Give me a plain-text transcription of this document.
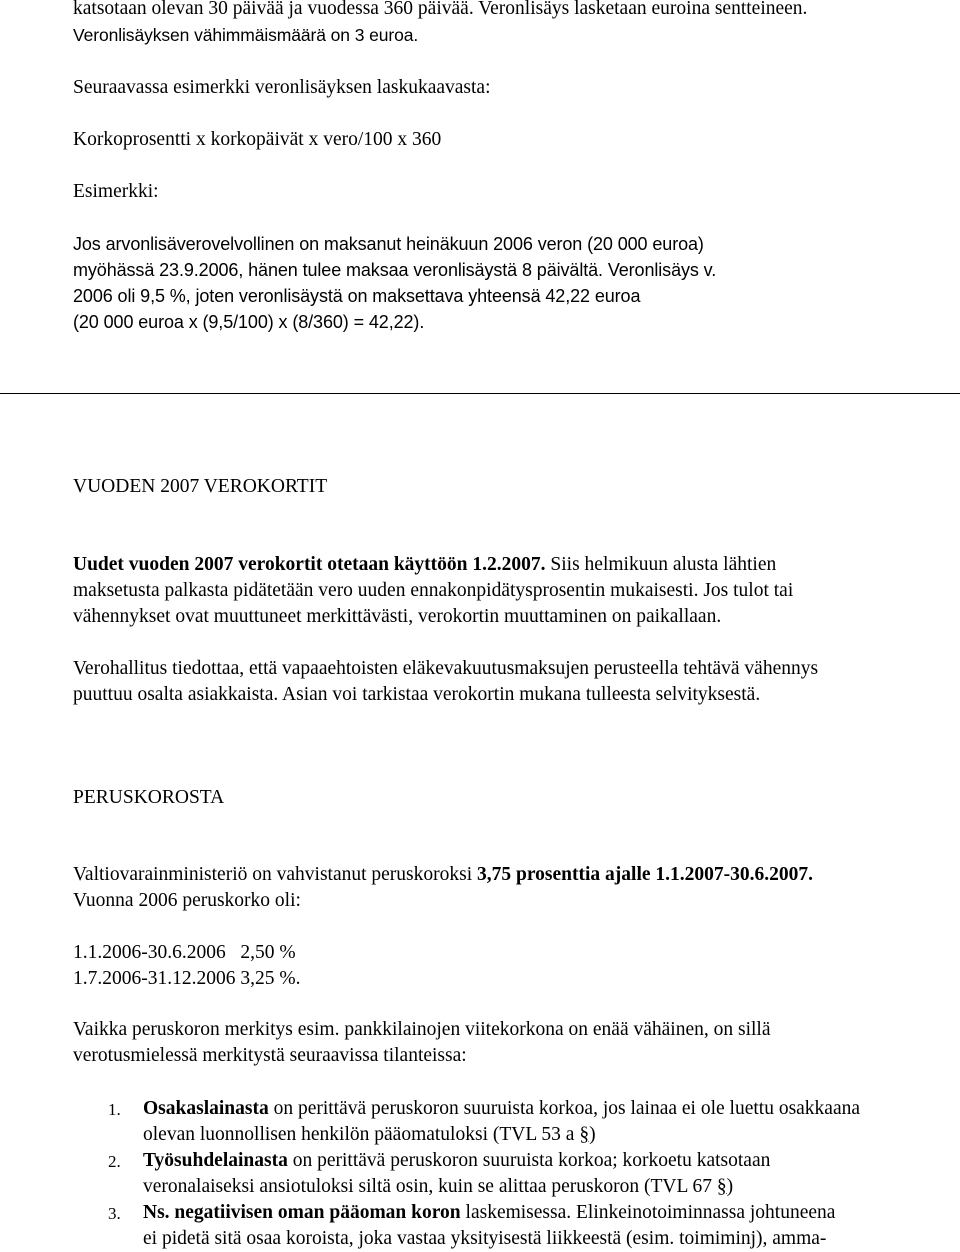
katsotaan olevan 30 päivää ja vuodessa 360 päivää. Veronlisäys lasketaan euroina sentteineen.
Veronlisäyksen vähimmäismäärä on 3 euroa.
Seuraavassa esimerkki veronlisäyksen laskukaavasta:
Korkoprosentti x korkopäivät x vero/100 x 360
Esimerkki:
Jos arvonlisäverovelvollinen on maksanut heinäkuun 2006 veron (20 000 euroa)
myöhässä 23.9.2006, hänen tulee maksaa veronlisäystä 8 päivältä. Veronlisäys v.
2006 oli 9,5 %, joten veronlisäystä on maksettava yhteensä 42,22 euroa
(20 000 euroa x (9,5/100) x (8/360) = 42,22).
VUODEN 2007 VEROKORTIT
Uudet vuoden 2007 verokortit otetaan käyttöön 1.2.2007. Siis helmikuun alusta lähtien
maksetusta palkasta pidätetään vero uuden ennakonpidätysprosentin mukaisesti. Jos tulot tai
vähennykset ovat muuttuneet merkittävästi, verokortin muuttaminen on paikallaan.
Verohallitus tiedottaa, että vapaaehtoisten eläkevakuutusmaksujen perusteella tehtävä vähennys
puuttuu osalta asiakkaista. Asian voi tarkistaa verokortin mukana tulleesta selvityksestä.
PERUSKOROSTA
Valtiovarainministeriö on vahvistanut peruskoroksi 3,75 prosenttia ajalle 1.1.2007-30.6.2007.
Vuonna 2006 peruskorko oli:
1.1.2006-30.6.2006   2,50 %
1.7.2006-31.12.2006 3,25 %.
Vaikka peruskoron merkitys esim. pankkilainojen viitekorkona on enää vähäinen, on sillä
verotusmielessä merkitystä seuraavissa tilanteissa:
1. Osakaslainasta on perittävä peruskoron suuruista korkoa, jos lainaa ei ole luettu osakkaana
olevan luonnollisen henkilön pääomatuloksi (TVL 53 a §)
2. Työsuhdelainasta on perittävä peruskoron suuruista korkoa; korkoetu katsotaan
veronalaiseksi ansiotuloksi siltä osin, kuin se alittaa peruskoron (TVL 67 §)
3. Ns. negatiivisen oman pääoman koron laskemisessa. Elinkeinotoiminnassa johtuneena
ei pidetä sitä osaa koroista, joka vastaa yksityisestä liikkeestä (esim. toimiminj), amma-
